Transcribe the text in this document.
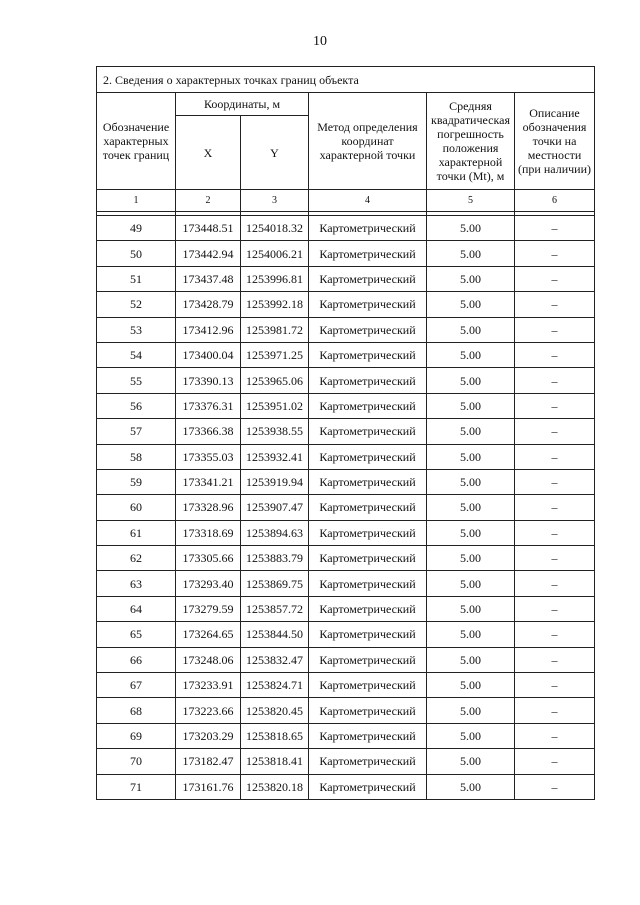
10
2. Сведения о характерных точках границ объекта					
Обозначение характерных точек границ	Координаты, м		Метод определения координат характерной точки	Средняя квадратическая погрешность положения характерной точки (Mt), м	Описание обозначения точки на местности (при наличии)
	X	Y			
1	2	3	4	5	6

49	173448.51	1254018.32	Картометрический	5.00	–
50	173442.94	1254006.21	Картометрический	5.00	–
51	173437.48	1253996.81	Картометрический	5.00	–
52	173428.79	1253992.18	Картометрический	5.00	–
53	173412.96	1253981.72	Картометрический	5.00	–
54	173400.04	1253971.25	Картометрический	5.00	–
55	173390.13	1253965.06	Картометрический	5.00	–
56	173376.31	1253951.02	Картометрический	5.00	–
57	173366.38	1253938.55	Картометрический	5.00	–
58	173355.03	1253932.41	Картометрический	5.00	–
59	173341.21	1253919.94	Картометрический	5.00	–
60	173328.96	1253907.47	Картометрический	5.00	–
61	173318.69	1253894.63	Картометрический	5.00	–
62	173305.66	1253883.79	Картометрический	5.00	–
63	173293.40	1253869.75	Картометрический	5.00	–
64	173279.59	1253857.72	Картометрический	5.00	–
65	173264.65	1253844.50	Картометрический	5.00	–
66	173248.06	1253832.47	Картометрический	5.00	–
67	173233.91	1253824.71	Картометрический	5.00	–
68	173223.66	1253820.45	Картометрический	5.00	–
69	173203.29	1253818.65	Картометрический	5.00	–
70	173182.47	1253818.41	Картометрический	5.00	–
71	173161.76	1253820.18	Картометрический	5.00	–
